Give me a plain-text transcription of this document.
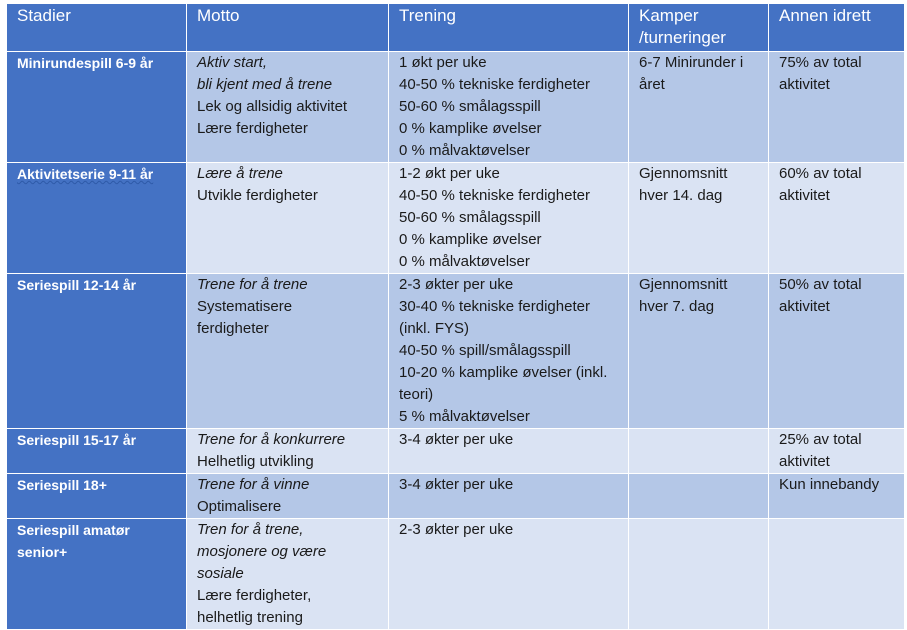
Stadier	Motto	Trening	Kamper
/turneringer	Annen idrett
Minirundespill 6-9 år	Aktiv start,
bli kjent med å trene
Lek og allsidig aktivitet
Lære ferdigheter	1 økt per uke
40-50 % tekniske ferdigheter
50-60 % smålagsspill
0 % kamplike øvelser
0 % målvaktøvelser	6-7 Minirunder i året	75% av total aktivitet
Aktivitetserie 9-11 år	Lære å trene
Utvikle ferdigheter	1-2 økt per uke
40-50 % tekniske ferdigheter
50-60 % smålagsspill
0 % kamplike øvelser
0 % målvaktøvelser	Gjennomsnitt hver 14. dag	60% av total aktivitet
Seriespill 12-14 år	Trene for å trene
Systematisere ferdigheter	2-3 økter per uke
30-40 % tekniske ferdigheter (inkl. FYS)
40-50 % spill/smålagsspill
10-20 % kamplike øvelser (inkl. teori)
5 % målvaktøvelser	Gjennomsnitt hver 7. dag	50% av total aktivitet
Seriespill 15-17 år	Trene for å konkurrere
Helhetlig utvikling	3-4 økter per uke		25% av total aktivitet
Seriespill 18+	Trene for å vinne
Optimalisere	3-4 økter per uke		Kun innebandy

Seriespill amatør senior+	Tren for å trene, mosjonere og være sosiale
Lære ferdigheter, helhetlig trening	2-3 økter per uke		
